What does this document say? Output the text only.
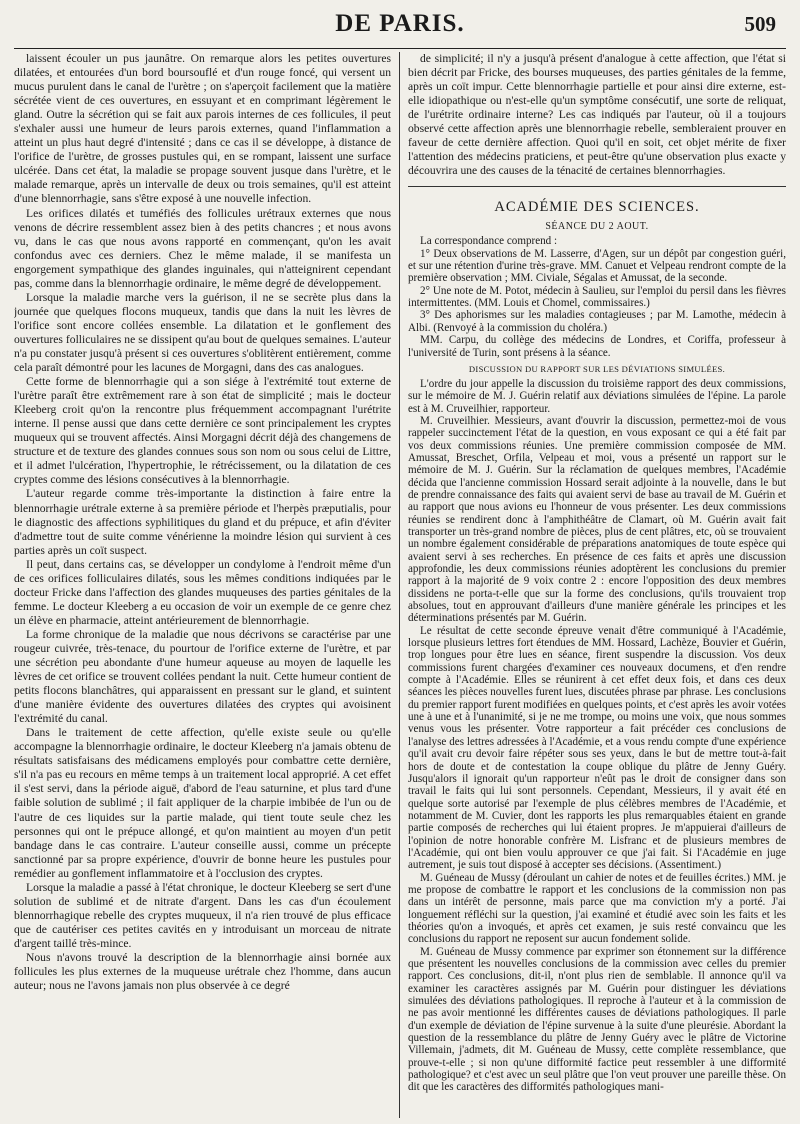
DE PARIS.	509

laissent écouler un pus jaunâtre. On remarque alors les petites ouvertures dilatées, et entourées d'un bord boursouflé et d'un rouge foncé, qui versent un mucus purulent dans le canal de l'urètre ; on s'aperçoit facilement que la matière sécrétée vient de ces ouvertures, en essuyant et en comprimant légèrement le gland. Outre la sécrétion qui se fait aux parois internes de ces follicules, il peut s'exhaler aussi une humeur de leurs parois externes, quand l'inflammation a atteint un plus haut degré d'intensité ; dans ce cas il se développe, à distance de l'orifice de l'urètre, de grosses pustules qui, en se rompant, laissent une surface ulcérée. Dans cet état, la maladie se propage souvent jusque dans l'urètre, et le malade remarque, après un intervalle de deux ou trois semaines, qu'il est atteint d'une blennorrhagie, sans s'être exposé à une nouvelle infection.

Les orifices dilatés et tuméfiés des follicules urétraux externes que nous venons de décrire ressemblent assez bien à des petits chancres ; et nous avons vu, dans le cas que nous avons rapporté en commençant, qu'on les avait confondus avec ces derniers. Chez le même malade, il se manifesta un engorgement sympathique des glandes inguinales, qui n'atteignirent cependant pas, comme dans la blennorrhagie ordinaire, le même degré de développement.

Lorsque la maladie marche vers la guérison, il ne se secrète plus dans la journée que quelques flocons muqueux, tandis que dans la nuit les lèvres de l'orifice sont encore collées ensemble. La dilatation et le gonflement des ouvertures folliculaires ne se dissipent qu'au bout de quelques semaines. L'auteur n'a pu constater jusqu'à présent si ces ouvertures s'oblitèrent entièrement, comme cela paraît démontré pour les lacunes de Morgagni, dans des cas analogues.

Cette forme de blennorrhagie qui a son siége à l'extrémité tout externe de l'urètre paraît être extrêmement rare à son état de simplicité ; mais le docteur Kleeberg croit qu'on la rencontre plus fréquemment accompagnant l'urétrite interne. Il pense aussi que dans cette dernière ce sont principalement les cryptes muqueux qui se trouvent affectés. Ainsi Morgagni décrit déjà des changemens de structure et de texture des glandes connues sous son nom ou sous celui de Littre, et il admet l'ulcération, l'hypertrophie, le rétrécissement, ou la dilatation de ces cryptes comme des lésions consécutives à la blennorrhagie.

L'auteur regarde comme très-importante la distinction à faire entre la blennorrhagie urétrale externe à sa première période et l'herpès præputialis, pour le diagnostic des affections syphilitiques du gland et du prépuce, et afin d'éviter d'admettre tout de suite comme vénérienne la moindre lésion qui survient à ces parties après un coït suspect.

Il peut, dans certains cas, se développer un condylome à l'endroit même d'un de ces orifices folliculaires dilatés, sous les mêmes conditions indiquées par le docteur Fricke dans l'affection des glandes muqueuses des parties génitales de la femme. Le docteur Kleeberg a eu occasion de voir un exemple de ce genre chez un élève en pharmacie, atteint antérieurement de blennorrhagie.

La forme chronique de la maladie que nous décrivons se caractérise par une rougeur cuivrée, très-tenace, du pourtour de l'orifice externe de l'urètre, et par une sécrétion peu abondante d'une humeur aqueuse au moyen de laquelle les lèvres de cet orifice se trouvent collées pendant la nuit. Cette humeur contient de petits flocons blanchâtres, qui apparaissent en pressant sur le gland, et suintent d'une manière évidente des ouvertures dilatées des cryptes qui avoisinent l'extrémité du canal.

Dans le traitement de cette affection, qu'elle existe seule ou qu'elle accompagne la blennorrhagie ordinaire, le docteur Kleeberg n'a jamais obtenu de résultats satisfaisans des médicamens employés pour combattre cette dernière, s'il n'a pas eu recours en même temps à un traitement local approprié. A cet effet il s'est servi, dans la période aiguë, d'abord de l'eau saturnine, et plus tard d'une faible solution de sublimé ; il fait appliquer de la charpie imbibée de l'un ou de l'autre de ces liquides sur la partie malade, qui tient toute seule chez les personnes qui ont le prépuce allongé, et qu'on maintient au moyen d'un petit bandage dans le cas contraire. L'auteur conseille aussi, comme un précepte sanctionné par sa propre expérience, d'ouvrir de bonne heure les pustules pour remédier au gonflement inflammatoire et à l'occlusion des cryptes.

Lorsque la maladie a passé à l'état chronique, le docteur Kleeberg se sert d'une solution de sublimé et de nitrate d'argent. Dans les cas d'un écoulement blennorrhagique rebelle des cryptes muqueux, il n'a rien trouvé de plus efficace que de cautériser ces petites cavités en y introduisant un morceau de nitrate d'argent taillé très-mince.

Nous n'avons trouvé la description de la blennorrhagie ainsi bornée aux follicules les plus externes de la muqueuse urétrale chez l'homme, dans aucun auteur; nous ne l'avons jamais non plus observée à ce degré

de simplicité; il n'y a jusqu'à présent d'analogue à cette affection, que l'état si bien décrit par Fricke, des bourses muqueuses, des parties génitales de la femme, après un coït impur. Cette blennorrhagie partielle et pour ainsi dire externe, est-elle idiopathique ou n'est-elle qu'un symptôme consécutif, une sorte de reliquat, de l'urétrite ordinaire interne? Les cas indiqués par l'auteur, où il a toujours observé cette affection après une blennorrhagie rebelle, sembleraient prouver en faveur de cette dernière affection. Quoi qu'il en soit, cet objet mérite de fixer l'attention des médecins praticiens, et peut-être qu'une observation plus exacte y découvrira une des causes de la ténacité de certaines blennorrhagies.

ACADÉMIE DES SCIENCES.
SÉANCE DU 2 AOUT.

La correspondance comprend :

1° Deux observations de M. Lasserre, d'Agen, sur un dépôt par congestion guéri, et sur une rétention d'urine très-grave. MM. Canuet et Velpeau rendront compte de la première observation ; MM. Civiale, Ségalas et Amussat, de la seconde.

2° Une note de M. Potot, médecin à Saulieu, sur l'emploi du persil dans les fièvres intermittentes. (MM. Louis et Chomel, commissaires.)

3° Des aphorismes sur les maladies contagieuses ; par M. Lamothe, médecin à Albi. (Renvoyé à la commission du choléra.)

MM. Carpu, du collège des médecins de Londres, et Coriffa, professeur à l'université de Turin, sont présens à la séance.

DISCUSSION DU RAPPORT SUR LES DÉVIATIONS SIMULÉES.

L'ordre du jour appelle la discussion du troisième rapport des deux commissions, sur le mémoire de M. J. Guérin relatif aux déviations simulées de l'épine. La parole est à M. Cruveilhier, rapporteur.

M. Cruveilhier. Messieurs, avant d'ouvrir la discussion, permettez-moi de vous rappeler succinctement l'état de la question, en vous exposant ce qui a été fait par vos deux commissions réunies. Une première commission composée de MM. Amussat, Breschet, Orfila, Velpeau et moi, vous a présenté un rapport sur le mémoire de M. J. Guérin. Sur la réclamation de quelques membres, l'Académie décida que l'ancienne commission Hossard serait adjointe à la nouvelle, dans le but de prendre connaissance des faits qui avaient servi de base au travail de M. Guérin et au rapport que nous avions eu l'honneur de vous présenter. Les deux commissions réunies se rendirent donc à l'amphithéâtre de Clamart, où M. Guérin avait fait transporter un très-grand nombre de pièces, plus de cent plâtres, etc, où se trouvaient un nombre également considérable de préparations anatomiques de toute espèce qui avaient servi à ses recherches. En présence de ces faits et après une discussion approfondie, les deux commissions réunies adoptèrent les conclusions du premier rapport à la majorité de 9 voix contre 2 : encore l'opposition des deux membres dissidens ne porta-t-elle que sur la forme des conclusions, qu'ils trouvaient trop absolues, tout en approuvant d'ailleurs d'une manière générale les principes et les déterminations présentés par M. Guérin.

Le résultat de cette seconde épreuve venait d'être communiqué à l'Académie, lorsque plusieurs lettres fort étendues de MM. Hossard, Lachèze, Bouvier et Guérin, trop longues pour être lues en séance, firent suspendre la discussion. Vos deux commissions furent chargées d'examiner ces nouveaux documens, et d'en rendre compte à l'Académie. Elles se réunirent à cet effet deux fois, et dans ces deux séances les pièces nouvelles furent lues, discutées phrase par phrase. Les conclusions du premier rapport furent modifiées en quelques points, et c'est après les avoir votées une à une et à l'unanimité, si je ne me trompe, ou moins une voix, que nous sommes venus vous les présenter. Votre rapporteur a fait précéder ces conclusions de l'analyse des lettres adressées à l'Académie, et a vous rendu compte d'une expérience qu'il avait cru devoir faire répéter sous ses yeux, dans le but de mettre tout-à-fait hors de doute et de contestation la coupe oblique du plâtre de Jenny Guéry. Jusqu'alors il ignorait qu'un rapporteur n'eût pas le droit de consigner dans son travail le faits qui lui sont personnels. Cependant, Messieurs, il y avait été en quelque sorte autorisé par l'exemple de plus célèbres membres de l'Académie, et notamment de M. Cuvier, dont les rapports les plus remarquables étaient en grande partie composés de recherches qui lui étaient propres. Je m'appuierai d'ailleurs de l'opinion de notre honorable confrère M. Lisfranc et de plusieurs membres de l'Académie, qui ont bien voulu approuver ce que j'ai fait. Si l'Académie en juge autrement, je suis tout disposé à accepter ses décisions. (Assentiment.)

M. Guéneau de Mussy (déroulant un cahier de notes et de feuilles écrites.) MM. je me propose de combattre le rapport et les conclusions de la commission non pas dans un intérêt de personne, mais parce que ma conviction m'y a porté. J'ai longuement réfléchi sur la question, j'ai examiné et étudié avec soin les faits et les théories qu'on a invoqués, et après cet examen, je suis resté convaincu que les conclusions du rapport ne reposent sur aucun fondement solide.

M. Guéneau de Mussy commence par exprimer son étonnement sur la différence que présentent les nouvelles conclusions de la commission avec celles du premier rapport. Ces conclusions, dit-il, n'ont plus rien de semblable. Il annonce qu'il va examiner les caractères assignés par M. Guérin pour distinguer les déviations simulées des déviations pathologiques. Il reproche à l'auteur et à la commission de ne pas avoir mentionné les différentes causes de déviations pathologiques. Il parle d'un exemple de déviation de l'épine survenue à la suite d'une pleurésie. Abordant la question de la ressemblance du plâtre de Jenny Guéry avec le plâtre de Victorine Villemain, j'admets, dit M. Guéneau de Mussy, cette complète ressemblance, que prouve-t-elle ; si non qu'une difformité factice peut ressembler à une difformité pathologique? et c'est avec un seul plâtre que l'on veut prouver une pareille thèse. On dit que les caractères des difformités pathologiques mani-
